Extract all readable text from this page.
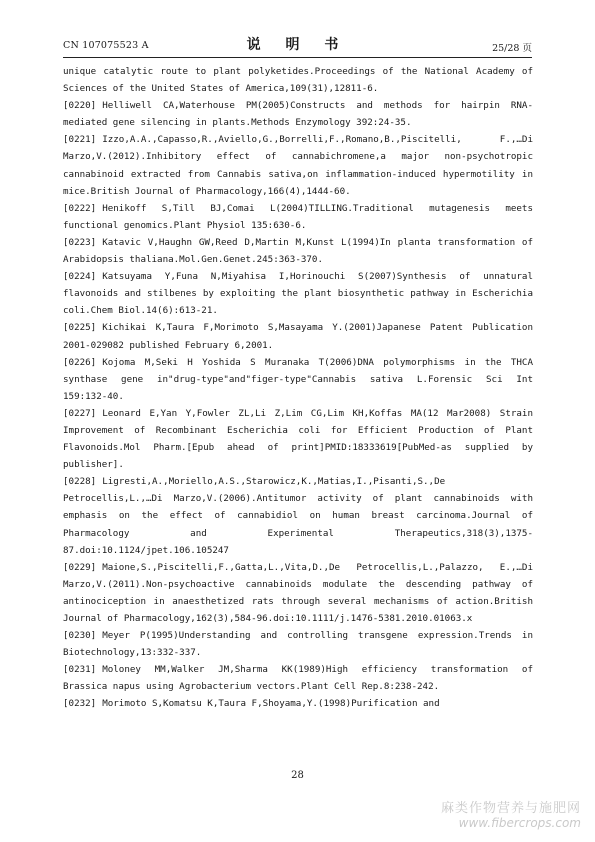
CN 107075523 A	说 明 书	25/28 页

unique catalytic route to plant polyketides.Proceedings of the National Academy of Sciences of the United States of America,109(31),12811-6.

[0220] Helliwell CA,Waterhouse PM(2005)Constructs and methods for hairpin RNA-mediated gene silencing in plants.Methods Enzymology 392:24-35.

[0221] Izzo,A.A.,Capasso,R.,Aviello,G.,Borrelli,F.,Romano,B.,Piscitelli, F.,…Di Marzo,V.(2012).Inhibitory effect of cannabichromene,a major non-psychotropic cannabinoid extracted from Cannabis sativa,on inflammation-induced hypermotility in mice.British Journal of Pharmacology,166(4),1444-60.

[0222] Henikoff S,Till BJ,Comai L(2004)TILLING.Traditional mutagenesis meets functional genomics.Plant Physiol 135:630-6.

[0223] Katavic V,Haughn GW,Reed D,Martin M,Kunst L(1994)In planta transformation of Arabidopsis thaliana.Mol.Gen.Genet.245:363-370.

[0224] Katsuyama Y,Funa N,Miyahisa I,Horinouchi S(2007)Synthesis of unnatural flavonoids and stilbenes by exploiting the plant biosynthetic pathway in Escherichia coli.Chem Biol.14(6):613-21.

[0225] Kichikai K,Taura F,Morimoto S,Masayama Y.(2001)Japanese Patent Publication 2001-029082 published February 6,2001.

[0226] Kojoma M,Seki H Yoshida S Muranaka T(2006)DNA polymorphisms in the THCA synthase gene in"drug-type"and"figer-type"Cannabis sativa L.Forensic Sci Int 159:132-40.

[0227] Leonard E,Yan Y,Fowler ZL,Li Z,Lim CG,Lim KH,Koffas MA(12 Mar2008) Strain Improvement of Recombinant Escherichia coli for Efficient Production of Plant Flavonoids.Mol Pharm.[Epub ahead of print]PMID:18333619[PubMed-as supplied by publisher].

[0228] Ligresti,A.,Moriello,A.S.,Starowicz,K.,Matias,I.,Pisanti,S.,De Petrocellis,L.,…Di Marzo,V.(2006).Antitumor activity of plant cannabinoids with emphasis on the effect of cannabidiol on human breast carcinoma.Journal of Pharmacology and Experimental Therapeutics,318(3),1375-87.doi:10.1124/jpet.106.105247

[0229] Maione,S.,Piscitelli,F.,Gatta,L.,Vita,D.,De Petrocellis,L.,Palazzo, E.,…Di Marzo,V.(2011).Non-psychoactive cannabinoids modulate the descending pathway of antinociception in anaesthetized rats through several mechanisms of action.British Journal of Pharmacology,162(3),584-96.doi:10.1111/j.1476-5381.2010.01063.x

[0230] Meyer P(1995)Understanding and controlling transgene expression.Trends in Biotechnology,13:332-337.

[0231] Moloney MM,Walker JM,Sharma KK(1989)High efficiency transformation of Brassica napus using Agrobacterium vectors.Plant Cell Rep.8:238-242.

[0232] Morimoto S,Komatsu K,Taura F,Shoyama,Y.(1998)Purification and

28
麻类作物营养与施肥网
www.fibercrops.com
